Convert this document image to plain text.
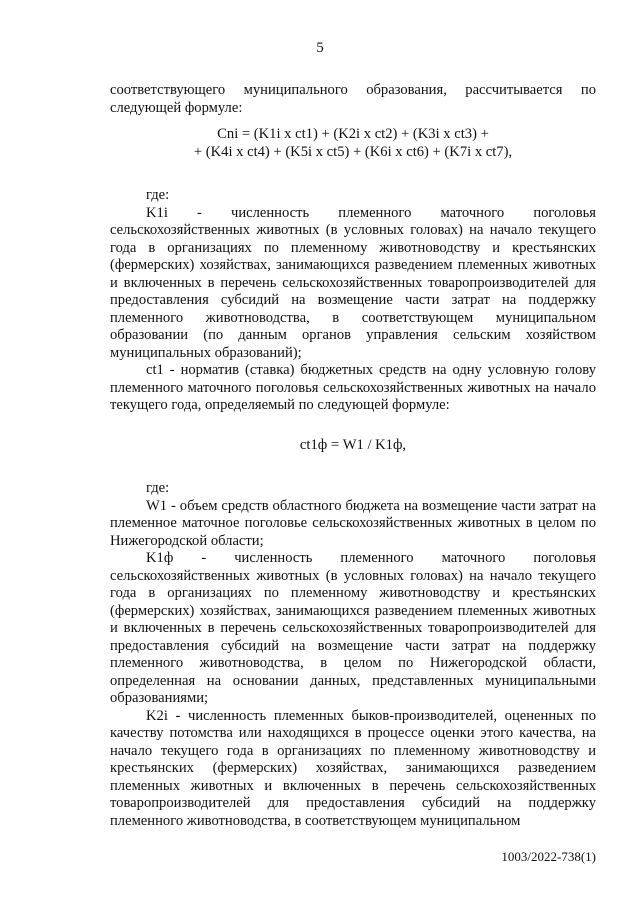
5

соответствующего муниципального образования, рассчитывается по следующей формуле:

Cni = (K1i x ct1) + (K2i x ct2) + (K3i x ct3) +

+ (K4i x ct4) + (K5i x ct5) + (K6i x ct6) + (K7i x ct7),

где:

K1i - численность племенного маточного поголовья сельскохозяйственных животных (в условных головах) на начало текущего года в организациях по племенному животноводству и крестьянских (фермерских) хозяйствах, занимающихся разведением племенных животных и включенных в перечень сельскохозяйственных товаропроизводителей для предоставления субсидий на возмещение части затрат на поддержку племенного животноводства, в соответствующем муниципальном образовании (по данным органов управления сельским хозяйством муниципальных образований);

ct1 - норматив (ставка) бюджетных средств на одну условную голову племенного маточного поголовья сельскохозяйственных животных на начало текущего года, определяемый по следующей формуле:

ct1ф = W1 / K1ф,

где:

W1 - объем средств областного бюджета на возмещение части затрат на племенное маточное поголовье сельскохозяйственных животных в целом по Нижегородской области;

K1ф - численность племенного маточного поголовья сельскохозяйственных животных (в условных головах) на начало текущего года в организациях по племенному животноводству и крестьянских (фермерских) хозяйствах, занимающихся разведением племенных животных и включенных в перечень сельскохозяйственных товаропроизводителей для предоставления субсидий на возмещение части затрат на поддержку племенного животноводства, в целом по Нижегородской области, определенная на основании данных, представленных муниципальными образованиями;

K2i - численность племенных быков-производителей, оцененных по качеству потомства или находящихся в процессе оценки этого качества, на начало текущего года в организациях по племенному животноводству и крестьянских (фермерских) хозяйствах, занимающихся разведением племенных животных и включенных в перечень сельскохозяйственных товаропроизводителей для предоставления субсидий на поддержку племенного животноводства, в соответствующем муниципальном

1003/2022-738(1)
